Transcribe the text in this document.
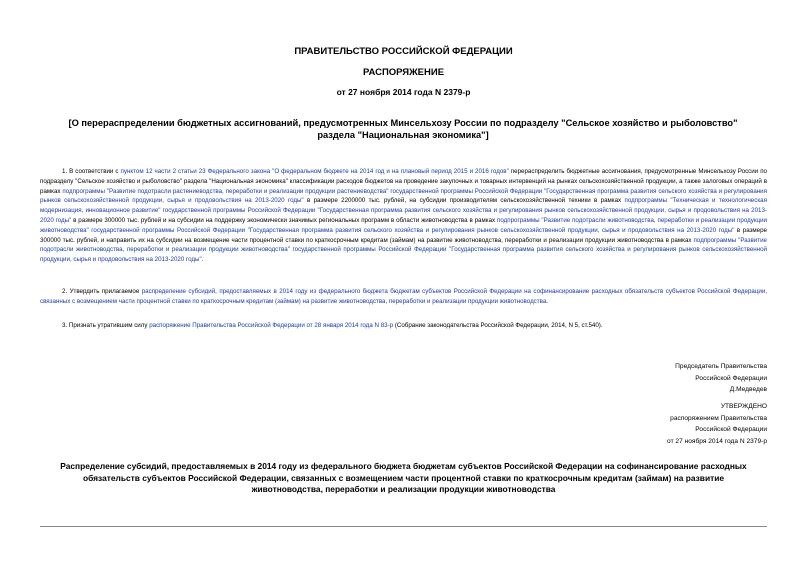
ПРАВИТЕЛЬСТВО РОССИЙСКОЙ ФЕДЕРАЦИИ
РАСПОРЯЖЕНИЕ
от 27 ноября 2014 года N 2379-р
[О перераспределении бюджетных ассигнований, предусмотренных Минсельхозу России по подразделу "Сельское хозяйство и рыболовство" раздела "Национальная экономика"]

1. В соответствии с пунктом 12 части 2 статьи 23 Федерального закона "О федеральном бюджете на 2014 год и на плановый период 2015 и 2016 годов" перераспределить бюджетные ассигнования, предусмотренные Минсельхозу России по подразделу "Сельское хозяйство и рыболовство" раздела "Национальная экономика" классификации расходов бюджетов на проведение закупочных и товарных интервенций на рынках сельскохозяйственной продукции, а также залоговых операций в рамках подпрограммы "Развитие подотрасли растениеводства, переработки и реализации продукции растениеводства" государственной программы Российской Федерации "Государственная программа развития сельского хозяйства и регулирования рынков сельскохозяйственной продукции, сырья и продовольствия на 2013-2020 годы" в размере 2200000 тыс. рублей, на субсидии производителям сельскохозяйственной техники в рамках подпрограммы "Техническая и технологическая модернизация, инновационное развитие" государственной программы Российской Федерации "Государственная программа развития сельского хозяйства и регулирования рынков сельскохозяйственной продукции, сырья и продовольствия на 2013-2020 годы" в размере 300000 тыс. рублей и на субсидии на поддержку экономически значимых региональных программ в области животноводства в рамках подпрограммы "Развитие подотрасли животноводства, переработки и реализации продукции животноводства" государственной программы Российской Федерации "Государственная программа развития сельского хозяйства и регулирования рынков сельскохозяйственной продукции, сырья и продовольствия на 2013-2020 годы" в размере 300000 тыс. рублей, и направить их на субсидии на возмещение части процентной ставки по краткосрочным кредитам (займам) на развитие животноводства, переработки и реализации продукции животноводства в рамках подпрограммы "Развитие подотрасли животноводства, переработки и реализации продукции животноводства" государственной программы Российской Федерации "Государственная программа развития сельского хозяйства и регулирования рынков сельскохозяйственной продукции, сырья и продовольствия на 2013-2020 годы".

2. Утвердить прилагаемое распределение субсидий, предоставляемых в 2014 году из федерального бюджета бюджетам субъектов Российской Федерации на софинансирование расходных обязательств субъектов Российской Федерации, связанных с возмещением части процентной ставки по краткосрочным кредитам (займам) на развитие животноводства, переработки и реализации продукции животноводства.

3. Признать утратившим силу распоряжение Правительства Российской Федерации от 28 января 2014 года N 83-р (Собрание законодательства Российской Федерации, 2014, N 5, ст.540).

Председатель Правительства
Российской Федерации
Д.Медведев
УТВЕРЖДЕНО
распоряжением Правительства
Российской Федерации
от 27 ноября 2014 года N 2379-р
Распределение субсидий, предоставляемых в 2014 году из федерального бюджета бюджетам субъектов Российской Федерации на софинансирование расходных обязательств субъектов Российской Федерации, связанных с возмещением части процентной ставки по краткосрочным кредитам (займам) на развитие животноводства, переработки и реализации продукции животноводства
